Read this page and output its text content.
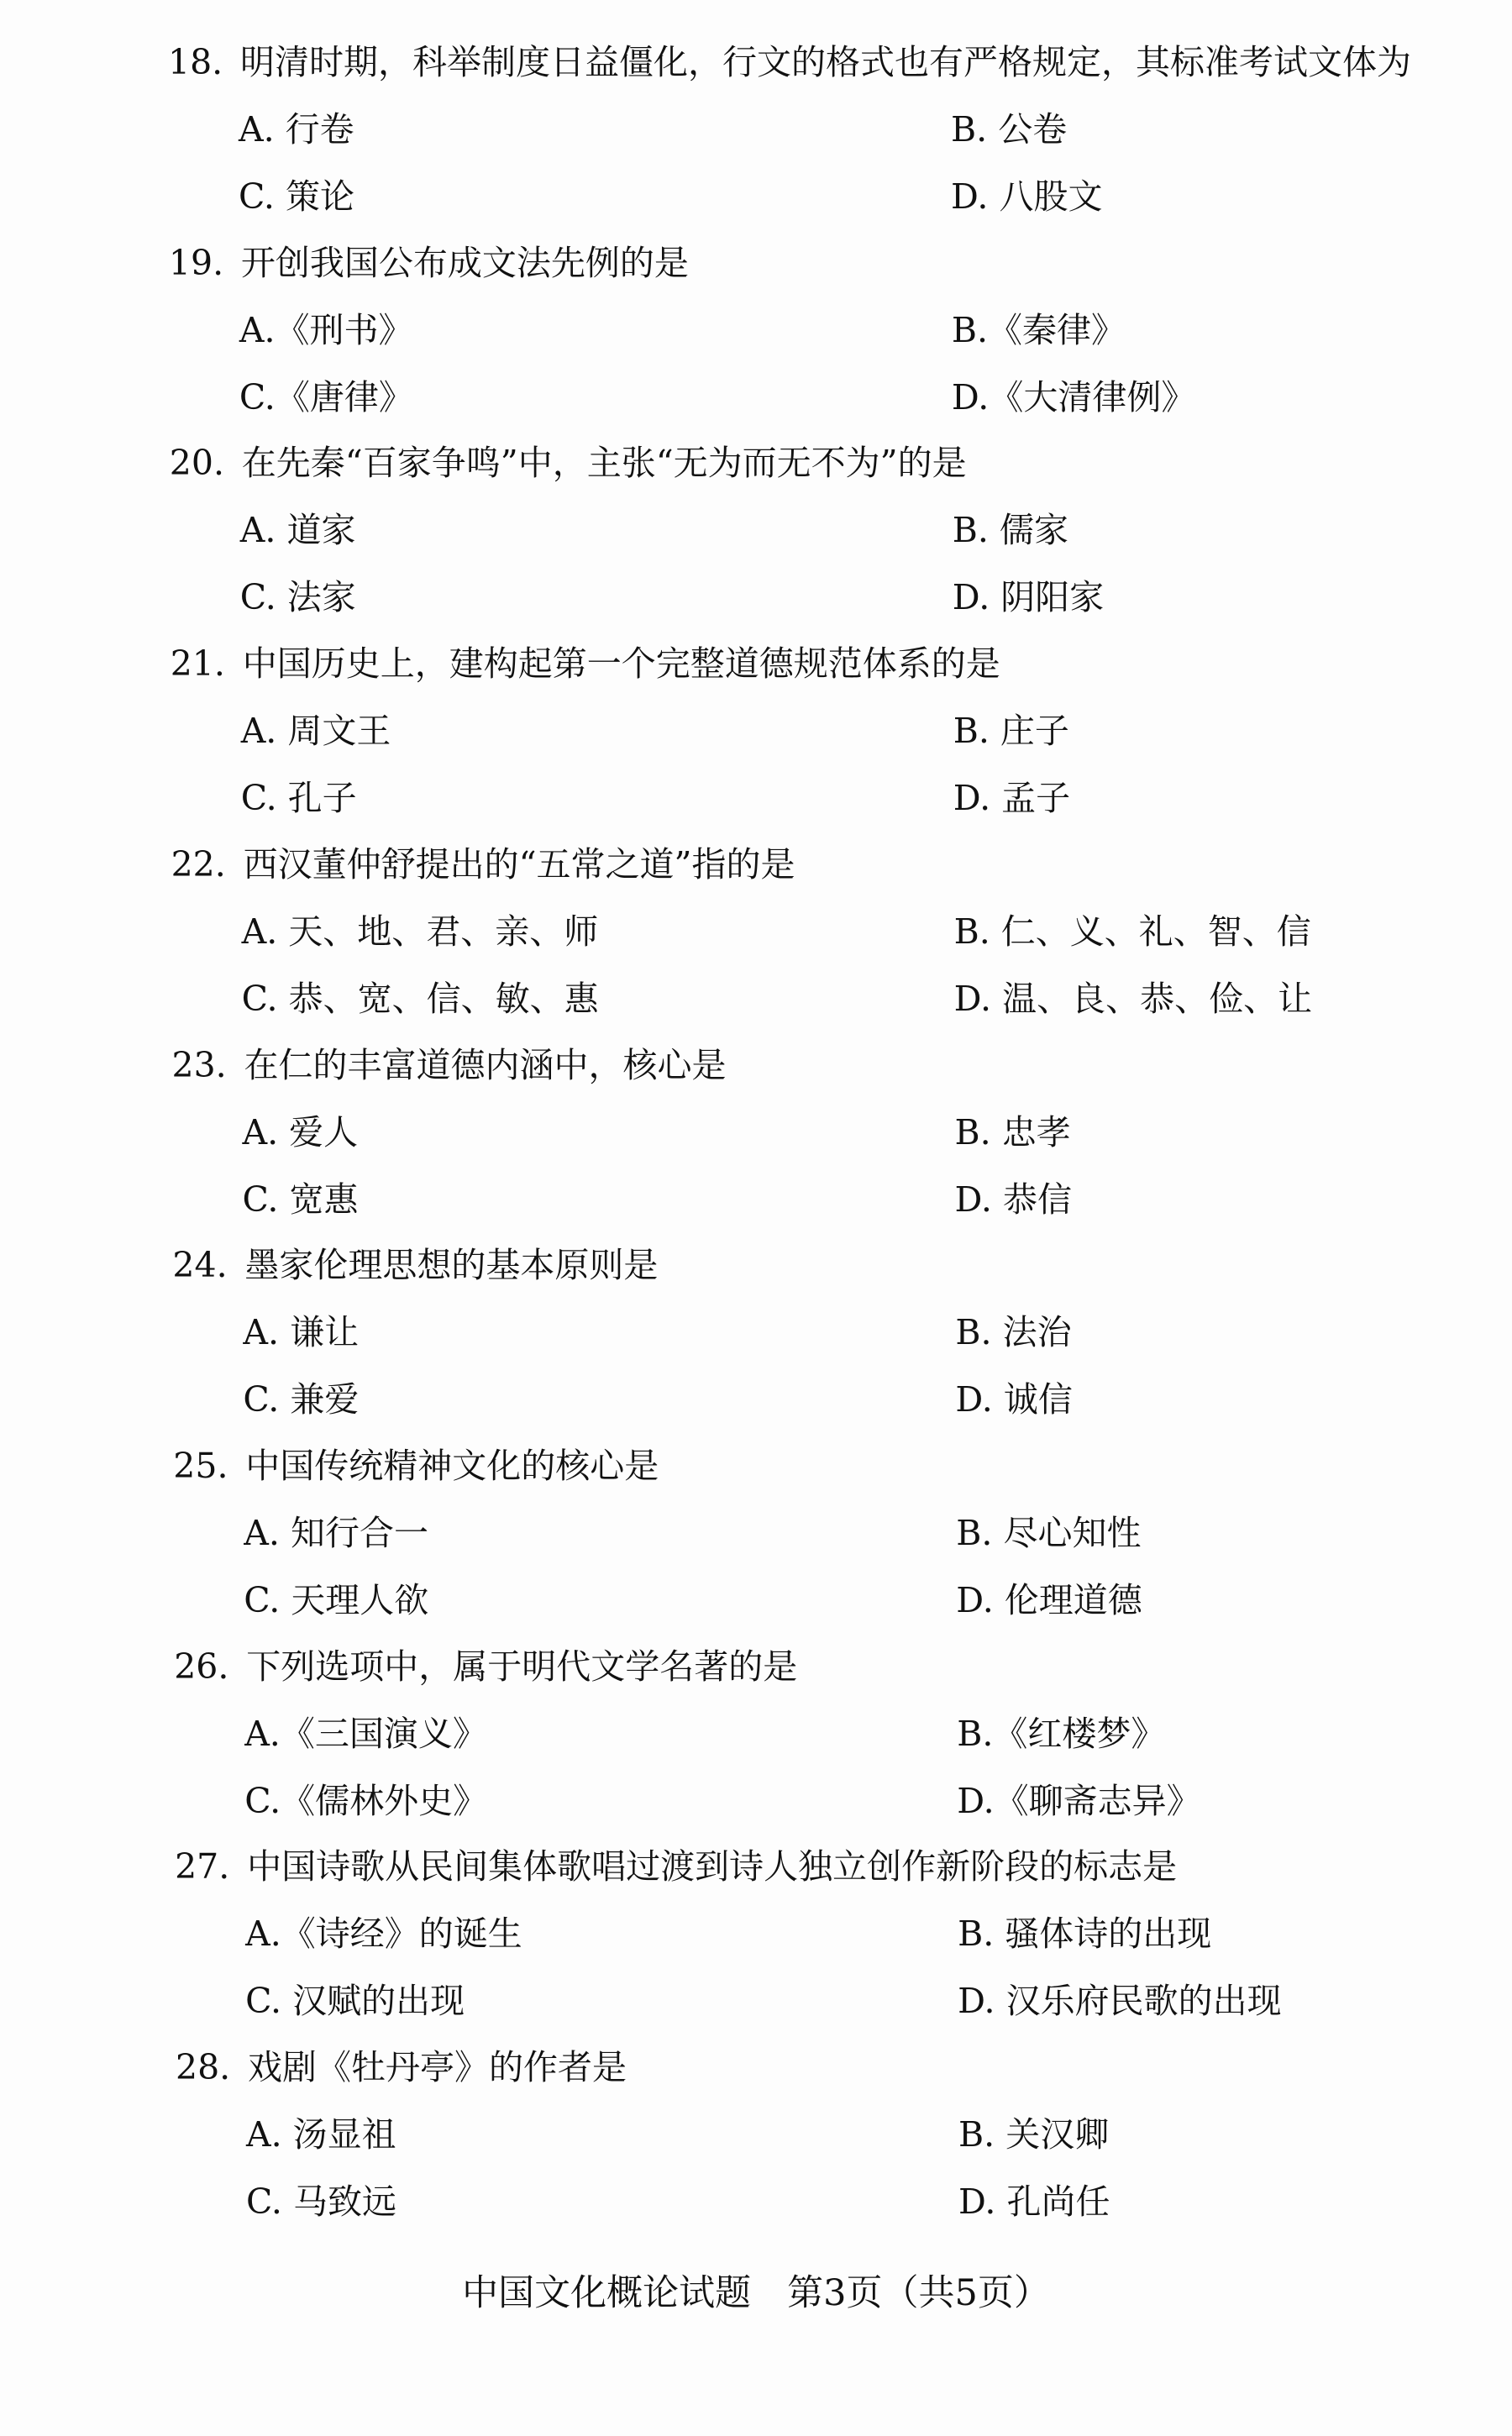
18. 明清时期，科举制度日益僵化，行文的格式也有严格规定，其标准考试文体为
A. 行卷	B. 公卷
C. 策论	D. 八股文
19. 开创我国公布成文法先例的是
A.《刑书》	B.《秦律》
C.《唐律》	D.《大清律例》
20. 在先秦“百家争鸣”中，主张“无为而无不为”的是
A. 道家	B. 儒家
C. 法家	D. 阴阳家
21. 中国历史上，建构起第一个完整道德规范体系的是
A. 周文王	B. 庄子
C. 孔子	D. 孟子
22. 西汉董仲舒提出的“五常之道”指的是
A. 天、地、君、亲、师	B. 仁、义、礼、智、信
C. 恭、宽、信、敏、惠	D. 温、良、恭、俭、让
23. 在仁的丰富道德内涵中，核心是
A. 爱人	B. 忠孝
C. 宽惠	D. 恭信
24. 墨家伦理思想的基本原则是
A. 谦让	B. 法治
C. 兼爱	D. 诚信
25. 中国传统精神文化的核心是
A. 知行合一	B. 尽心知性
C. 天理人欲	D. 伦理道德
26. 下列选项中，属于明代文学名著的是
A.《三国演义》	B.《红楼梦》
C.《儒林外史》	D.《聊斋志异》
27. 中国诗歌从民间集体歌唱过渡到诗人独立创作新阶段的标志是
A.《诗经》的诞生	B. 骚体诗的出现
C. 汉赋的出现	D. 汉乐府民歌的出现
28. 戏剧《牡丹亭》的作者是
A. 汤显祖	B. 关汉卿
C. 马致远	D. 孔尚任
中国文化概论试题　第3页（共5页）
